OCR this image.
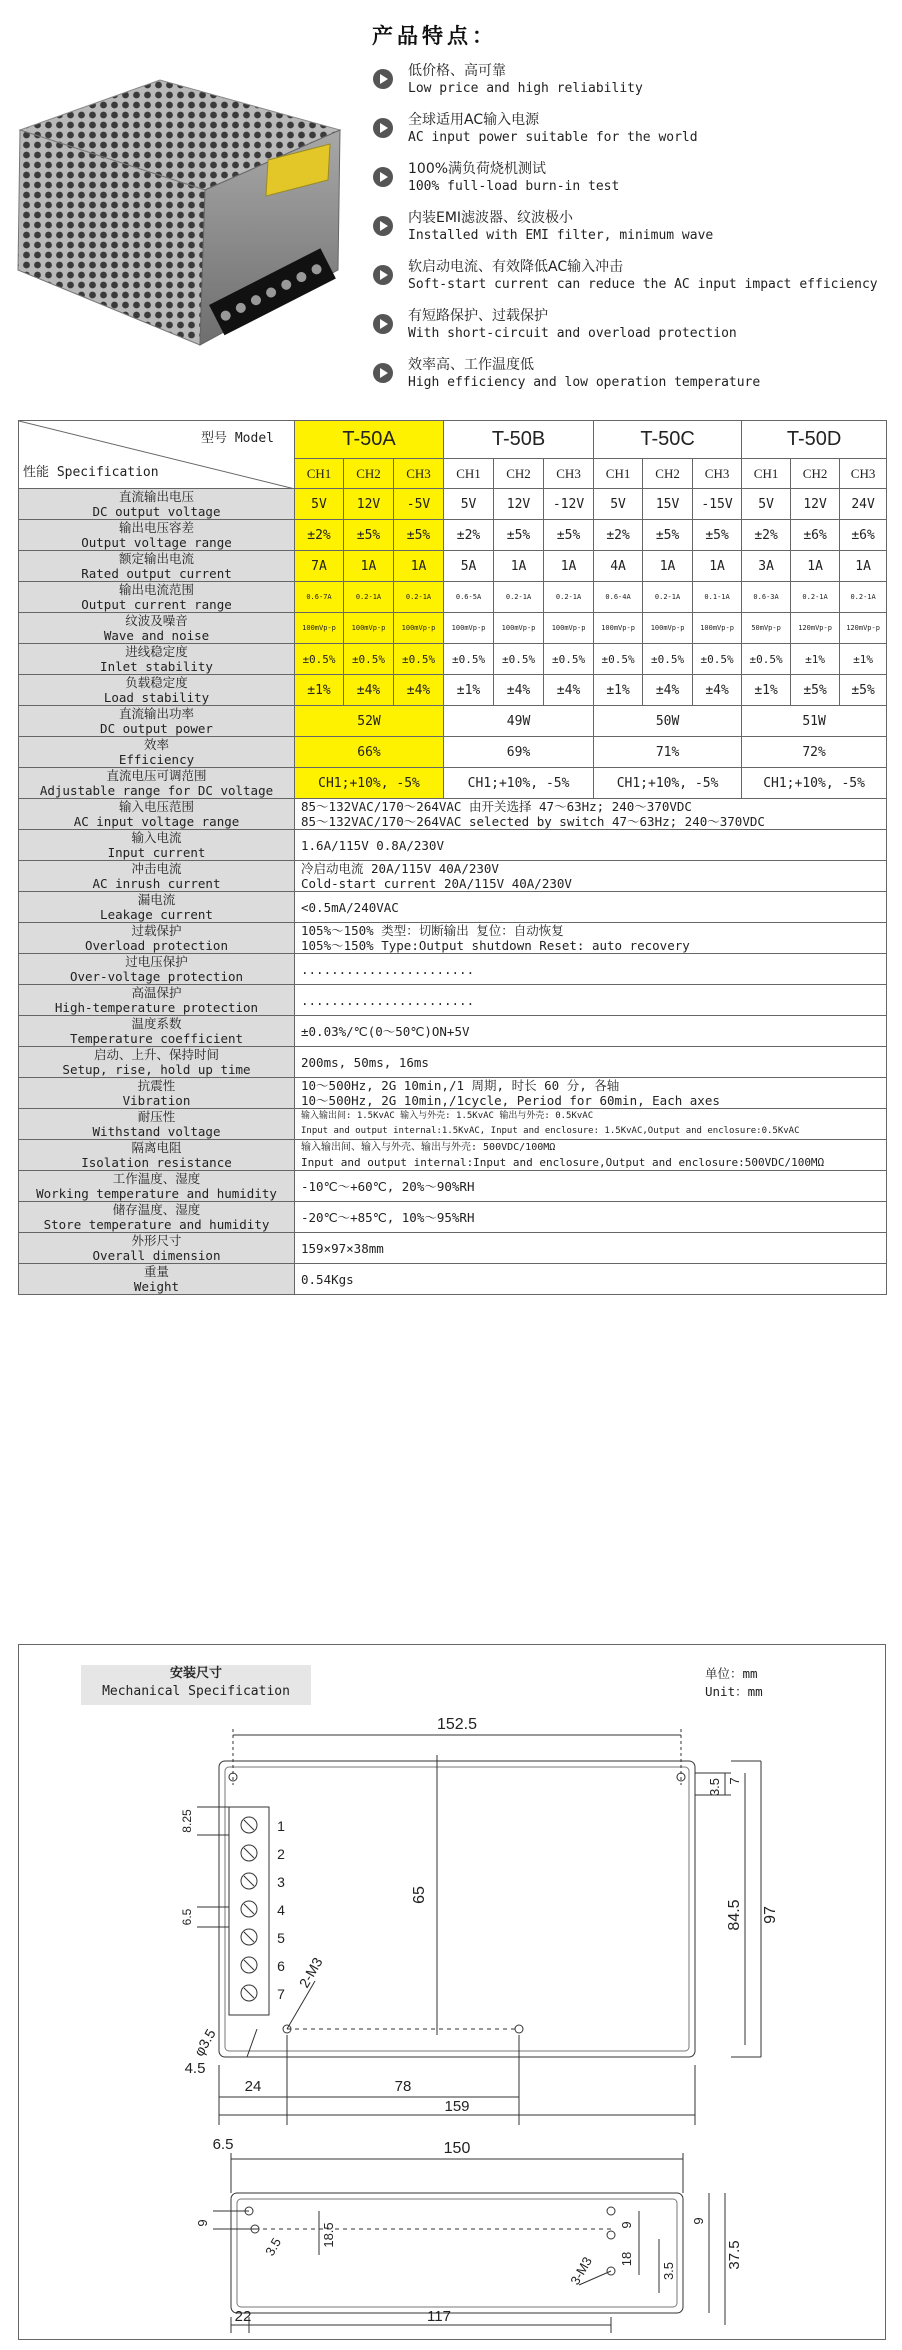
产品特点：
低价格、高可靠
Low price and high reliability
全球适用AC输入电源
AC input power suitable for the world
100%满负荷烧机测试
100% full-load burn-in test
内装EMI滤波器、纹波极小
Installed with EMI filter, minimum wave
软启动电流、有效降低AC输入冲击
Soft-start current can reduce the AC input impact efficiency
有短路保护、过载保护
With short-circuit and overload protection
效率高、工作温度低
High efficiency and low operation temperature
型号 Model
性能 Specification	T-50A			T-50B			T-50C			T-50D		
	CH1	CH2	CH3	CH1	CH2	CH3	CH1	CH2	CH3	CH1	CH2	CH3

直流输出电压
DC output voltage	5V	12V	-5V	5V	12V	-12V	5V	15V	-15V	5V	12V	24V

输出电压容差
Output voltage range	±2%	±5%	±5%	±2%	±5%	±5%	±2%	±5%	±5%	±2%	±6%	±6%

额定输出电流
Rated output current	7A	1A	1A	5A	1A	1A	4A	1A	1A	3A	1A	1A

输出电流范围
Output current range	0.6-7A	0.2-1A	0.2-1A	0.6-5A	0.2-1A	0.2-1A	0.6-4A	0.2-1A	0.1-1A	0.6-3A	0.2-1A	0.2-1A

纹波及噪音
Wave and noise	100mVp-p	100mVp-p	100mVp-p	100mVp-p	100mVp-p	100mVp-p	100mVp-p	100mVp-p	100mVp-p	50mVp-p	120mVp-p	120mVp-p

进线稳定度
Inlet stability	±0.5%	±0.5%	±0.5%	±0.5%	±0.5%	±0.5%	±0.5%	±0.5%	±0.5%	±0.5%	±1%	±1%

负载稳定度
Load stability	±1%	±4%	±4%	±1%	±4%	±4%	±1%	±4%	±4%	±1%	±5%	±5%

直流输出功率
DC output power	52W			49W			50W			51W		

效率
Efficiency	66%			69%			71%			72%		

直流电压可调范围
Adjustable range for DC voltage	CH1;+10%, -5%			CH1;+10%, -5%			CH1;+10%, -5%			CH1;+10%, -5%		

输入电压范围
AC input voltage range	85～132VAC/170～264VAC 由开关选择 47～63Hz; 240～370VDC
85～132VAC/170～264VAC selected by switch 47～63Hz; 240～370VDC											

输入电流
Input current	1.6A/115V 0.8A/230V											

冲击电流
AC inrush current	冷启动电流 20A/115V 40A/230V
Cold-start current 20A/115V 40A/230V											

漏电流
Leakage current	<0.5mA/240VAC											

过载保护
Overload protection	105%～150% 类型：切断输出 复位：自动恢复
105%～150% Type:Output shutdown Reset: auto recovery											

过电压保护
Over-voltage protection	.......................											

高温保护
High-temperature protection	.......................											

温度系数
Temperature coefficient	±0.03%/℃(0～50℃)ON+5V											

启动、上升、保持时间
Setup, rise, hold up time	200ms, 50ms, 16ms											

抗震性
Vibration	10～500Hz, 2G 10min,/1 周期, 时长 60 分, 各轴
10～500Hz, 2G 10min,/1cycle, Period for 60min, Each axes											

耐压性
Withstand voltage	输入输出间: 1.5KvAC 输入与外壳: 1.5KvAC 输出与外壳: 0.5KvAC
Input and output internal:1.5KvAC, Input and enclosure: 1.5KvAC,Output and enclosure:0.5KvAC											

隔离电阻
Isolation resistance	输入输出间、输入与外壳、输出与外壳: 500VDC/100MΩ
Input and output internal:Input and enclosure,Output and enclosure:500VDC/100MΩ											

工作温度、湿度
Working temperature and humidity	-10℃～+60℃, 20%～90%RH											

储存温度、湿度
Store temperature and humidity	-20℃～+85℃, 10%～95%RH											

外形尺寸
Overall dimension	159×97×38mm											

重量
Weight	0.54Kgs											
安装尺寸
Mechanical Specification
单位：mm
Unit：mm
1
2
3
4
5
6
7
152.5
65
3.5 7
84.5 97
8.25
6.5
2-M3
φ3.5
4.5
24	78
159
150
6.5
9	18.5
3.5
9
18
3.5
9
37.5
3-M3
22	117
